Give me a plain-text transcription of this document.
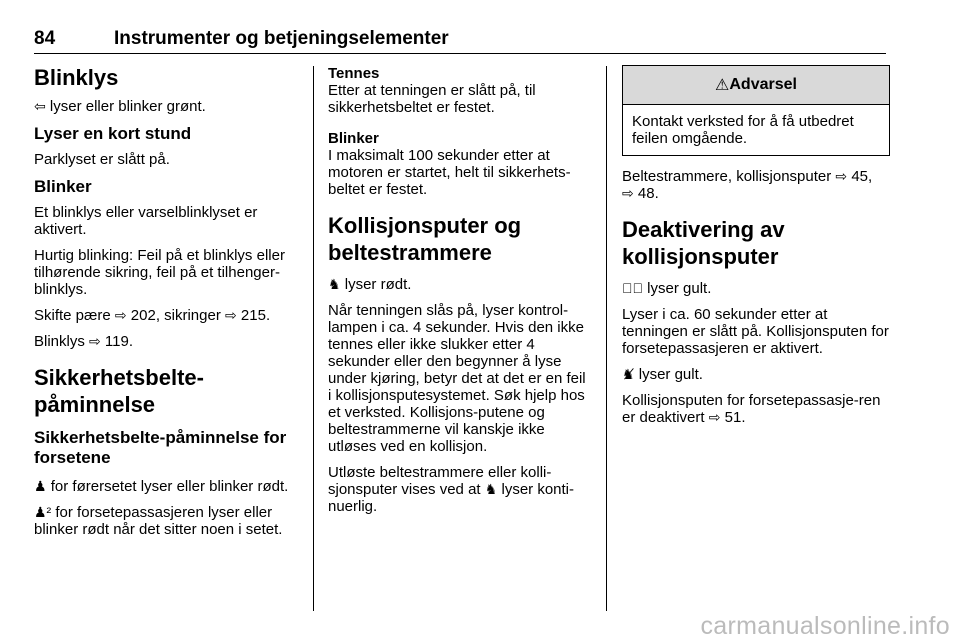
84	Instrumenter og betjeningselementer
Blinklys

⇦ lyser eller blinker grønt.

Lyser en kort stund

Parklyset er slått på.

Blinker

Et blinklys eller varselblinklyset er aktivert.

Hurtig blinking: Feil på et blinklys eller tilhørende sikring, feil på et tilhenger-blinklys.

Skifte pære ⇨ 202, sikringer ⇨ 215.

Blinklys ⇨ 119.

Sikkerhetsbelte-påminnelse
Sikkerhetsbelte-påminnelse for forsetene

♟ for førersetet lyser eller blinker rødt.

♟² for forsetepassasjeren lyser eller blinker rødt når det sitter noen i setet.

Tennes

Etter at tenningen er slått på, til sikkerhetsbeltet er festet.

Blinker

I maksimalt 100 sekunder etter at motoren er startet, helt til sikkerhets-beltet er festet.

Kollisjonsputer og beltestrammere

♞ lyser rødt.

Når tenningen slås på, lyser kontrol-lampen i ca. 4 sekunder. Hvis den ikke tennes eller ikke slukker etter 4 sekunder eller den begynner å lyse under kjøring, betyr det at det er en feil i kollisjonsputesystemet. Søk hjelp hos et verksted. Kollisjons-putene og beltestrammerne vil kanskje ikke utløses ved en kollisjon.

Utløste beltestrammere eller kolli-sjonsputer vises ved at ♞ lyser konti-nuerlig.

⚠ Advarsel
Kontakt verksted for å få utbedret feilen omgående.

Beltestrammere, kollisjonsputer ⇨ 45, ⇨ 48.

Deaktivering av kollisjonsputer

♞⃠ lyser gult.

Lyser i ca. 60 sekunder etter at tenningen er slått på. Kollisjonsputen for forsetepassasjeren er aktivert.

♞̸ lyser gult.

Kollisjonsputen for forsetepassasje-ren er deaktivert ⇨ 51.

carmanualsonline.info
